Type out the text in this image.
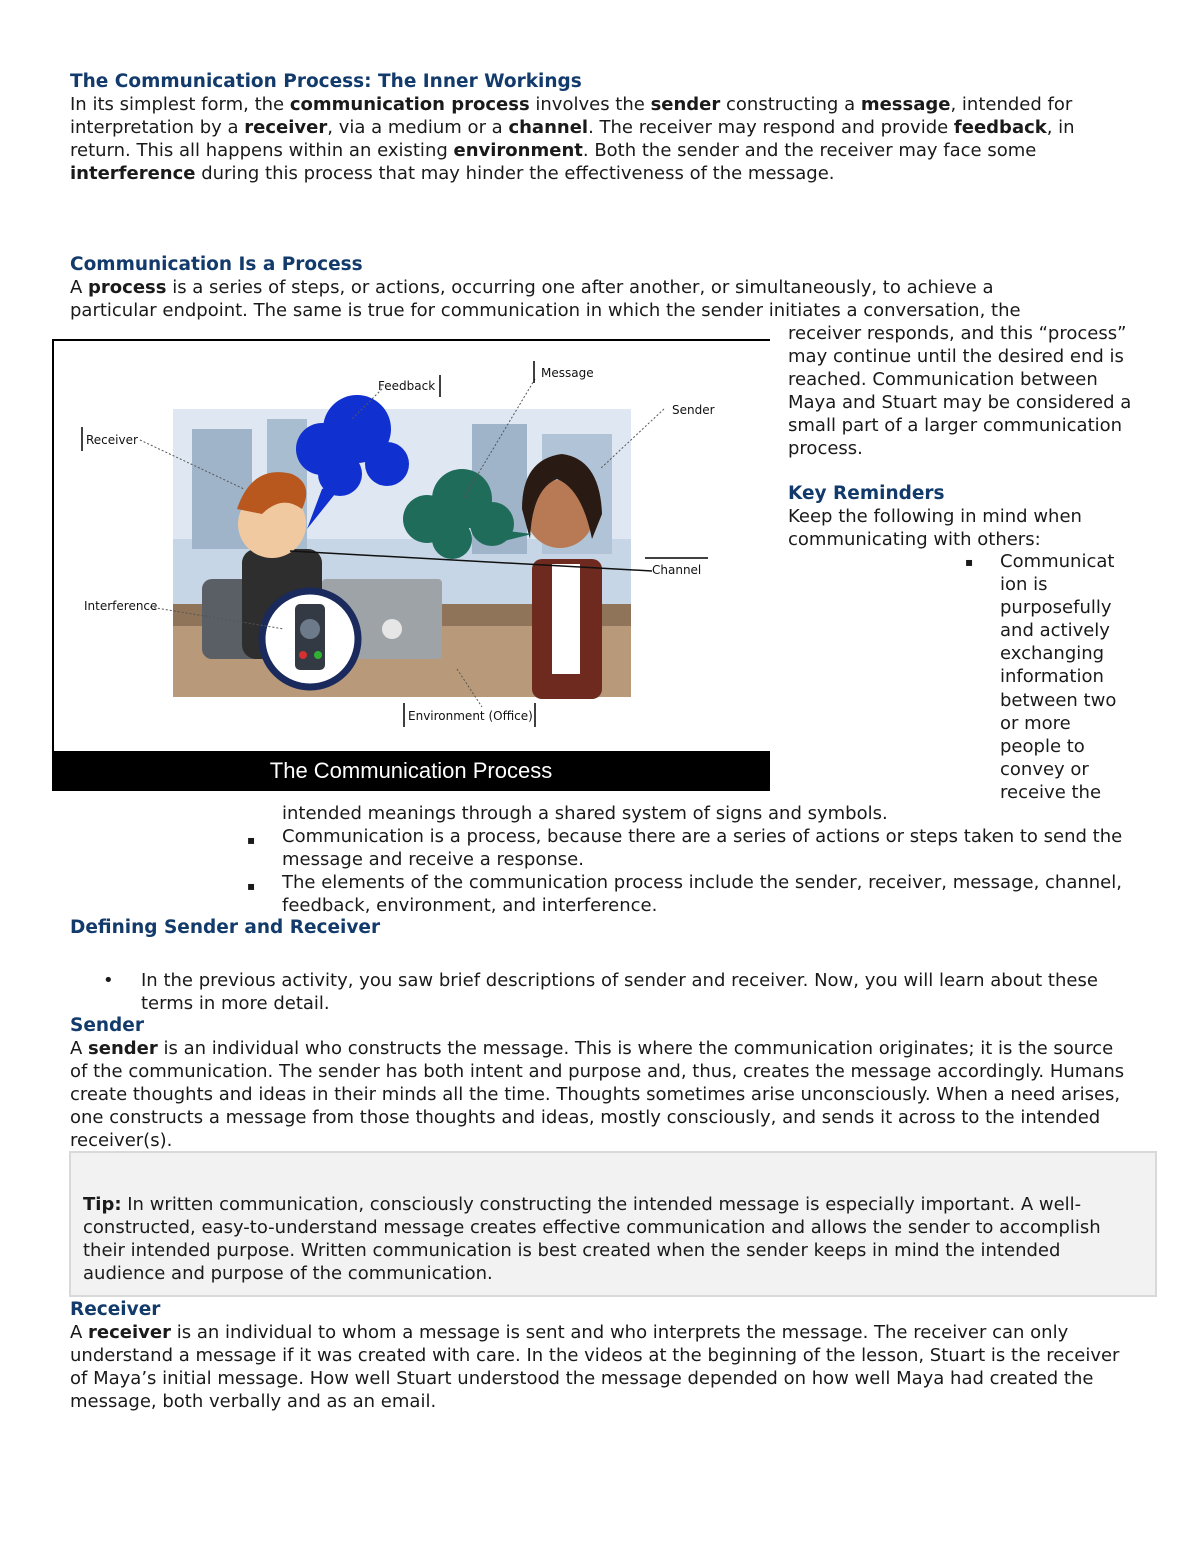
The Communication Process: The Inner Workings

In its simplest form, the communication process involves the sender constructing a message, intended for interpretation by a receiver, via a medium or a channel. The receiver may respond and provide feedback, in return. This all happens within an existing environment. Both the sender and the receiver may face some interference during this process that may hinder the effectiveness of the message.

Communication Is a Process
A process is a series of steps, or actions, occurring one after another, or simultaneously, to achieve a
particular endpoint. The same is true for communication in which the sender initiates a conversation, the
receiver responds, and this “process” may continue until the desired end is reached. Communication between Maya and Stuart may be considered a small part of a larger communication process.
Key Reminders
Keep the following in mind when communicating with others:
▪ Communicat ion is purposefully and actively exchanging information between two or more people to convey or receive the
Feedback
Message
Sender
Receiver
Channel
Interference
Environment (Office)
The Communication Process
intended meanings through a shared system of signs and symbols.
▪ Communication is a process, because there are a series of actions or steps taken to send the message and receive a response.
▪ The elements of the communication process include the sender, receiver, message, channel, feedback, environment, and interference.
Defining Sender and Receiver
• In the previous activity, you saw brief descriptions of sender and receiver. Now, you will learn about these terms in more detail.
Sender

A sender is an individual who constructs the message. This is where the communication originates; it is the source of the communication. The sender has both intent and purpose and, thus, creates the message accordingly. Humans create thoughts and ideas in their minds all the time. Thoughts sometimes arise unconsciously. When a need arises, one constructs a message from those thoughts and ideas, mostly consciously, and sends it across to the intended receiver(s).

Tip: In written communication, consciously constructing the intended message is especially important. A well-constructed, easy-to-understand message creates effective communication and allows the sender to accomplish their intended purpose. Written communication is best created when the sender keeps in mind the intended audience and purpose of the communication.

Receiver

A receiver is an individual to whom a message is sent and who interprets the message. The receiver can only understand a message if it was created with care. In the videos at the beginning of the lesson, Stuart is the receiver of Maya’s initial message. How well Stuart understood the message depended on how well Maya had created the message, both verbally and as an email.
